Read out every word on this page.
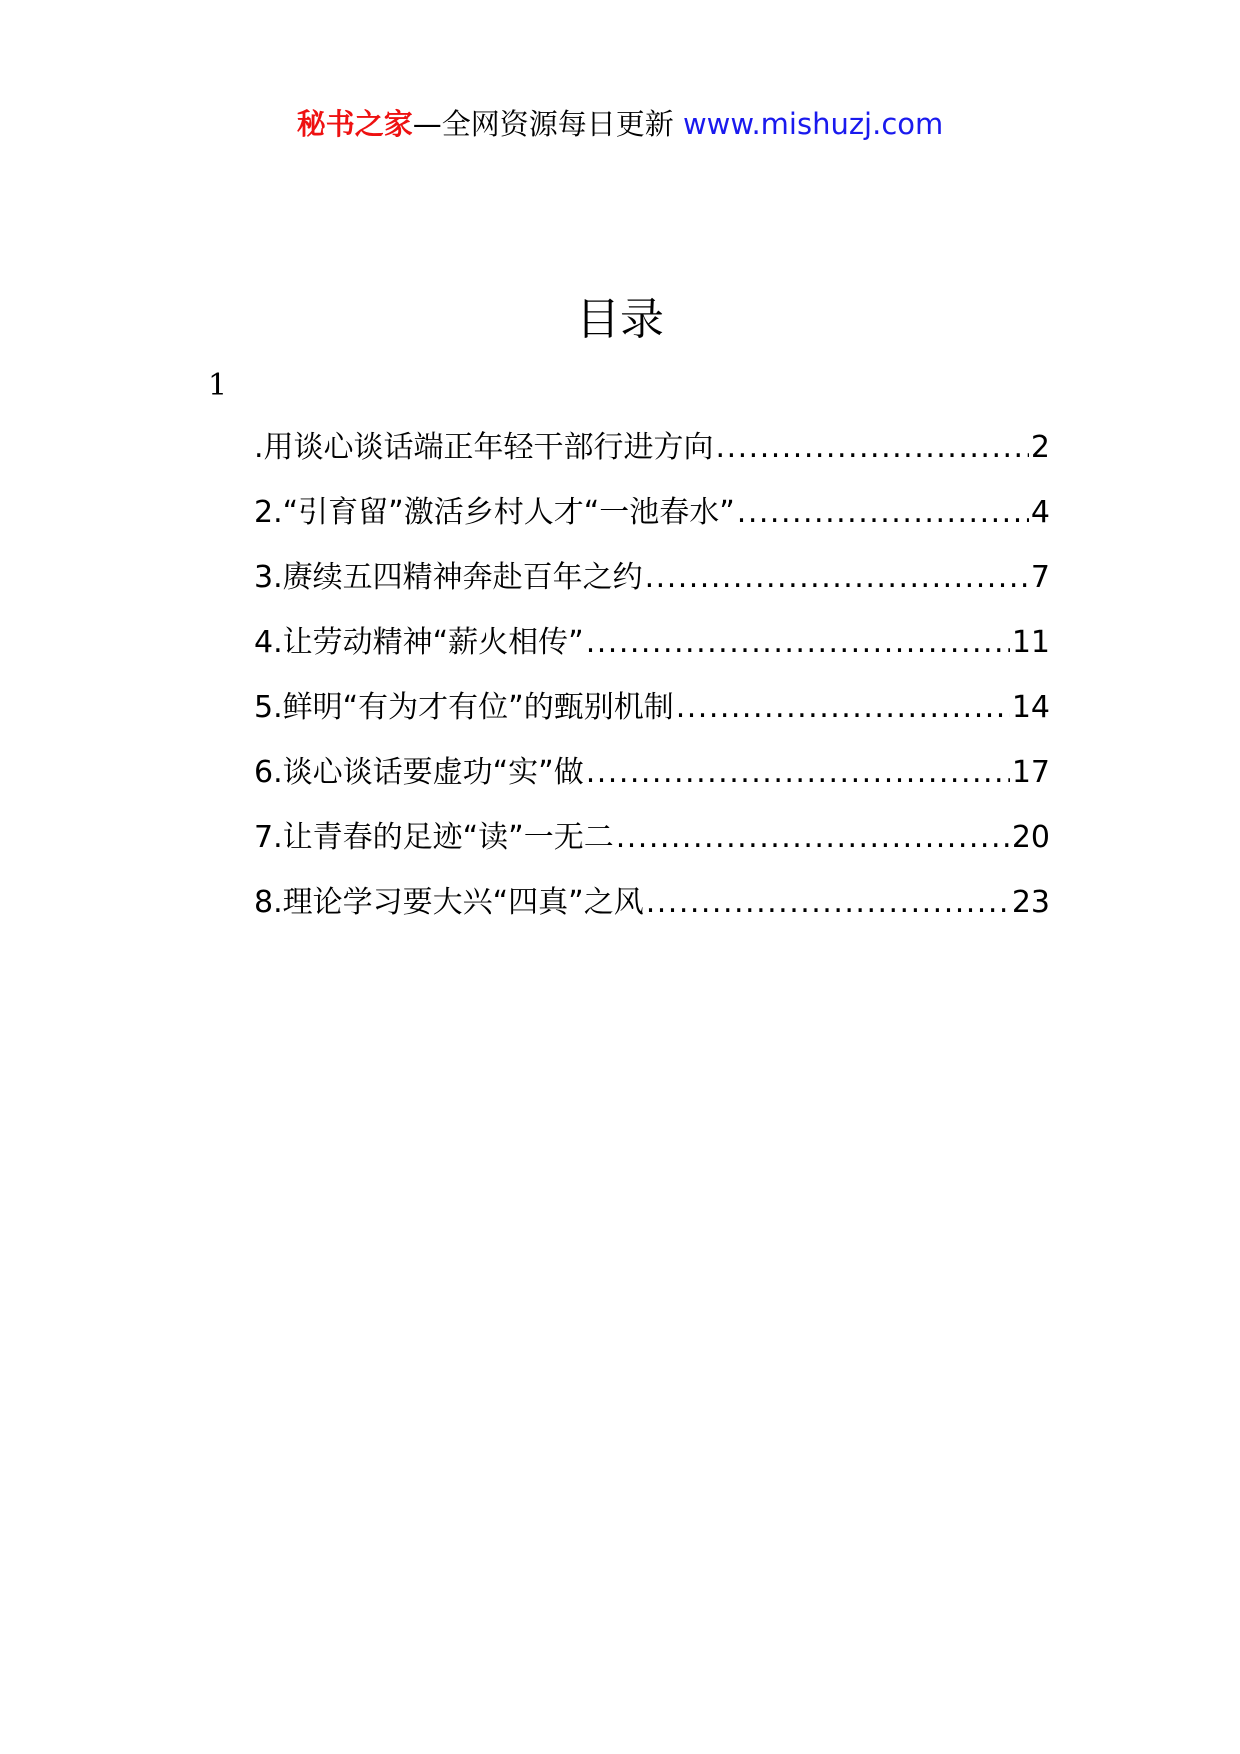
秘书之家—全网资源每日更新 www.mishuzj.com
目录
1
.用谈心谈话端正年轻干部行进方向 .....	2
2.“引育留”激活乡村人才“一池春水” .....	4
3.赓续五四精神奔赴百年之约 .....	7
4.让劳动精神“薪火相传” .....	11
5.鲜明“有为才有位”的甄别机制 .....	14
6.谈心谈话要虚功“实”做 .....	17
7.让青春的足迹“读”一无二 .....	20
8.理论学习要大兴“四真”之风 .....	23
